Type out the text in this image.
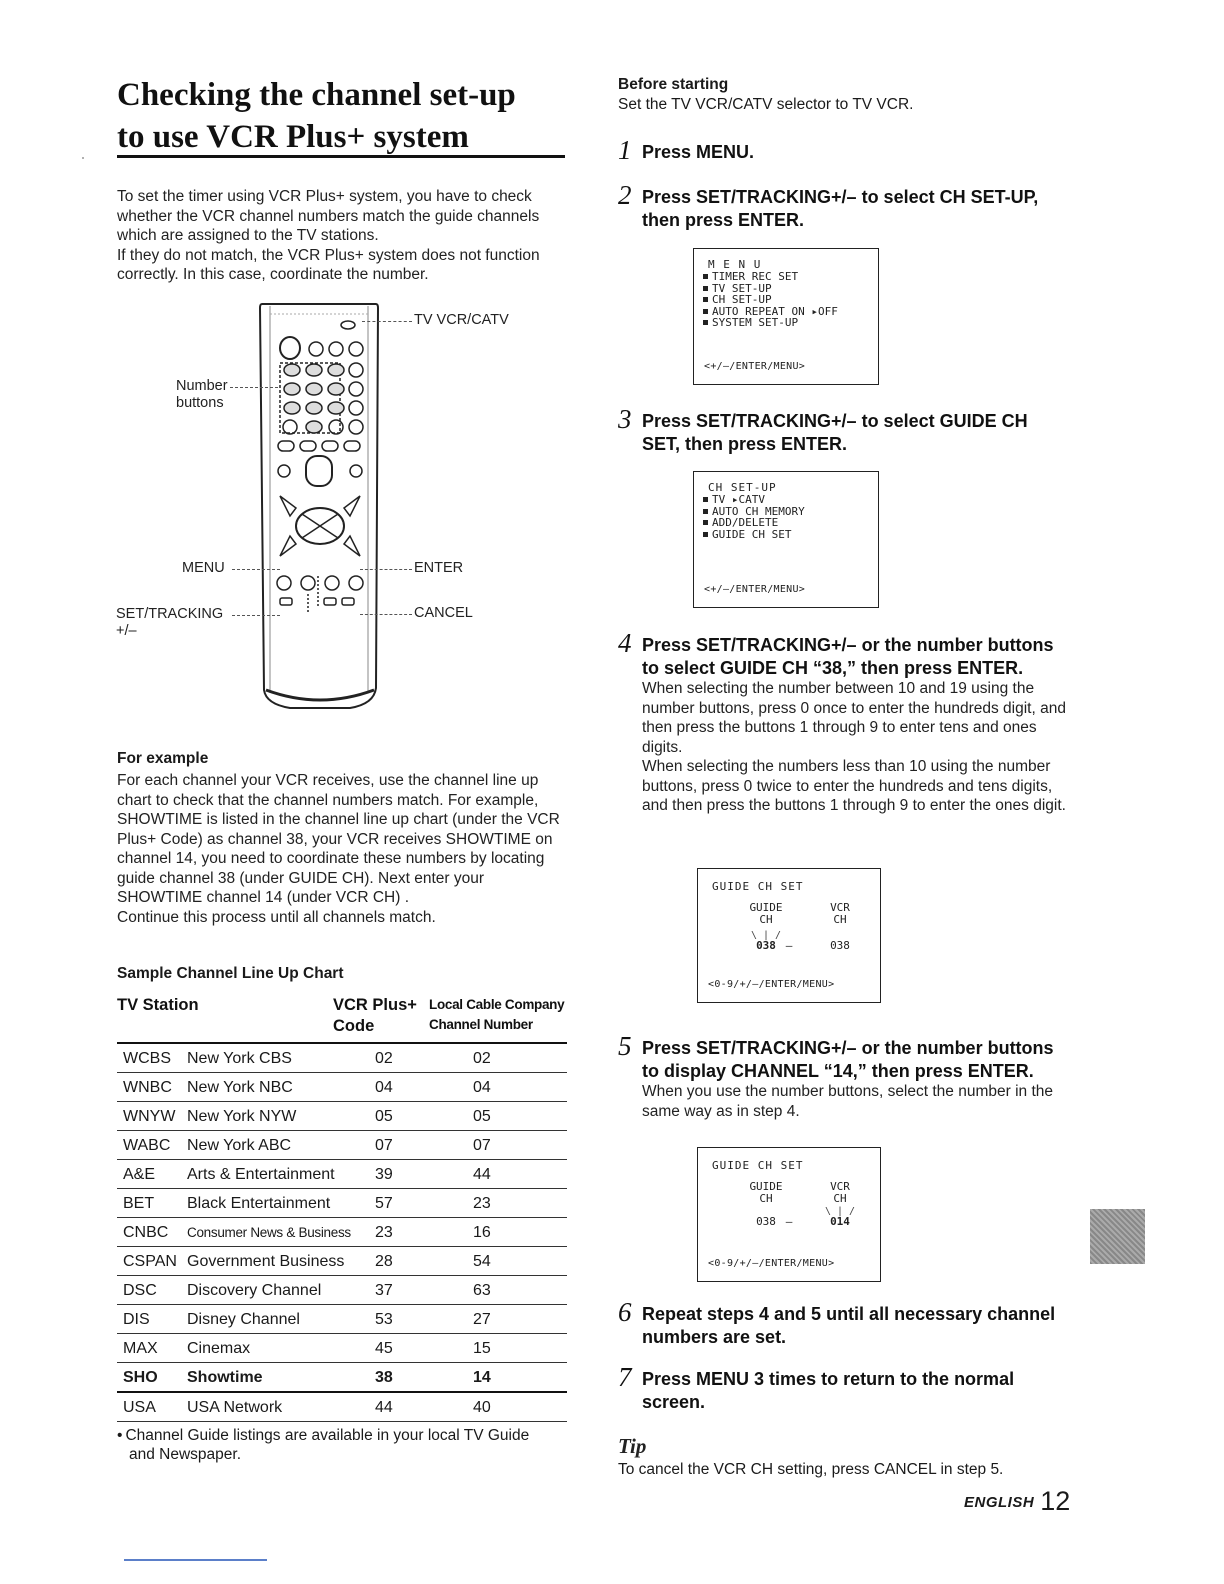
Checking the channel set-up
to use VCR Plus+ system

To set the timer using VCR Plus+ system, you have to check whether the VCR channel numbers match the guide channels which are assigned to the TV stations.

If they do not match, the VCR Plus+ system does not function correctly. In this case, coordinate the number.

TV VCR/CATV
Number
buttons
MENU	ENTER
SET/TRACKING
+/–
CANCEL
For example

For each channel your VCR receives, use the channel line up chart to check that the channel numbers match. For example, SHOWTIME is listed in the channel line up chart (under the VCR Plus+ Code) as channel 38, your VCR receives SHOWTIME on channel 14, you need to coordinate these numbers by locating guide channel 38 (under GUIDE CH). Next enter your SHOWTIME channel 14 (under VCR CH) .

Continue this process until all channels match.

Sample Channel Line Up Chart
TV Station	VCR Plus+
Code
Local Cable Company
Channel Number
WCBS New York CBS	02	02
WNBC New York NBC	04	04
WNYW New York NYW	05	05
WABC New York ABC	07	07
A&E Arts & Entertainment	39	44
BET Black Entertainment	57	23
CNBC Consumer News & Business 23	16
CSPAN Government Business 28	54
DSC Discovery Channel	37	63
DIS Disney Channel	53	27
MAX Cinemax	45	15
SHO Showtime	38	14
USA USA Network	44	40
• Channel Guide listings are available in your local TV Guide
and Newspaper.
Before starting
Set the TV VCR/CATV selector to TV VCR.
1 Press MENU.
2 Press SET/TRACKING+/– to select CH SET-UP, then press ENTER.
M E N U
TIMER REC SET
TV SET-UP
CH SET-UP
AUTO REPEAT ON ▸OFF
SYSTEM SET-UP
<+/–/ENTER/MENU>
3 Press SET/TRACKING+/– to select GUIDE CH SET, then press ENTER.
CH SET-UP
TV ▸CATV
AUTO CH MEMORY
ADD/DELETE
GUIDE CH SET
<+/–/ENTER/MENU>
4 Press SET/TRACKING+/– or the number buttons to select GUIDE CH “38,” then press ENTER.

When selecting the number between 10 and 19 using the number buttons, press 0 once to enter the hundreds digit, and then press the buttons 1 through 9 to enter tens and ones digits.

When selecting the numbers less than 10 using the number buttons, press 0 twice to enter the hundreds and tens digits, and then press the buttons 1 through 9 to enter the ones digit.

GUIDE CH SET
GUIDE
CH
VCR
CH
\ | /
038 –	038
<0-9/+/–/ENTER/MENU>
5 Press SET/TRACKING+/– or the number buttons to display CHANNEL “14,” then press ENTER.

When you use the number buttons, select the number in the same way as in step 4.

GUIDE CH SET
GUIDE
CH
VCR
CH
038 –
\ | /
014
<0-9/+/–/ENTER/MENU>
6 Repeat steps 4 and 5 until all necessary channel numbers are set.
7 Press MENU 3 times to return to the normal screen.
Tip
To cancel the VCR CH setting, press CANCEL in step 5.
ENGLISH 12
